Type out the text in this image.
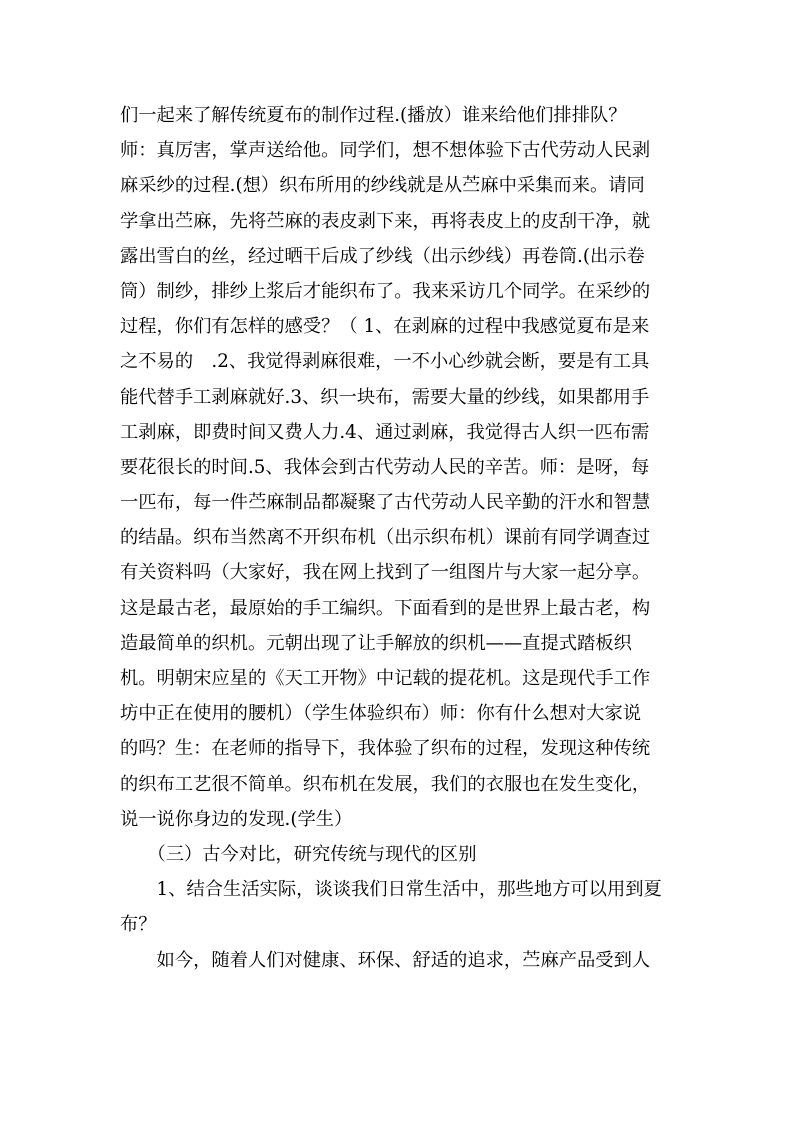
们一起来了解传统夏布的制作过程.(播放）谁来给他们排排队？
师：真厉害，掌声送给他。同学们，想不想体验下古代劳动人民剥
麻采纱的过程.(想）织布所用的纱线就是从苎麻中采集而来。请同
学拿出苎麻，先将苎麻的表皮剥下来，再将表皮上的皮刮干净，就
露出雪白的丝，经过晒干后成了纱线（出示纱线）再卷筒.(出示卷
筒）制纱，排纱上浆后才能织布了。我来采访几个同学。在采纱的
过程，你们有怎样的感受？（ 1、在剥麻的过程中我感觉夏布是来
之不易的　.2、我觉得剥麻很难，一不小心纱就会断，要是有工具
能代替手工剥麻就好.3、织一块布，需要大量的纱线，如果都用手
工剥麻，即费时间又费人力.4、通过剥麻，我觉得古人织一匹布需
要花很长的时间.5、我体会到古代劳动人民的辛苦。师：是呀，每
一匹布，每一件苎麻制品都凝聚了古代劳动人民辛勤的汗水和智慧
的结晶。织布当然离不开织布机（出示织布机）课前有同学调查过
有关资料吗（大家好，我在网上找到了一组图片与大家一起分享。
这是最古老，最原始的手工编织。下面看到的是世界上最古老，构
造最简单的织机。元朝出现了让手解放的织机——直提式踏板织
机。明朝宋应星的《天工开物》中记载的提花机。这是现代手工作
坊中正在使用的腰机）（学生体验织布）师：你有什么想对大家说
的吗？生：在老师的指导下，我体验了织布的过程，发现这种传统
的织布工艺很不简单。织布机在发展，我们的衣服也在发生变化，
说一说你身边的发现.(学生）
　　（三）古今对比，研究传统与现代的区别
　　1、结合生活实际，谈谈我们日常生活中，那些地方可以用到夏
布？
　　如今，随着人们对健康、环保、舒适的追求，苎麻产品受到人
